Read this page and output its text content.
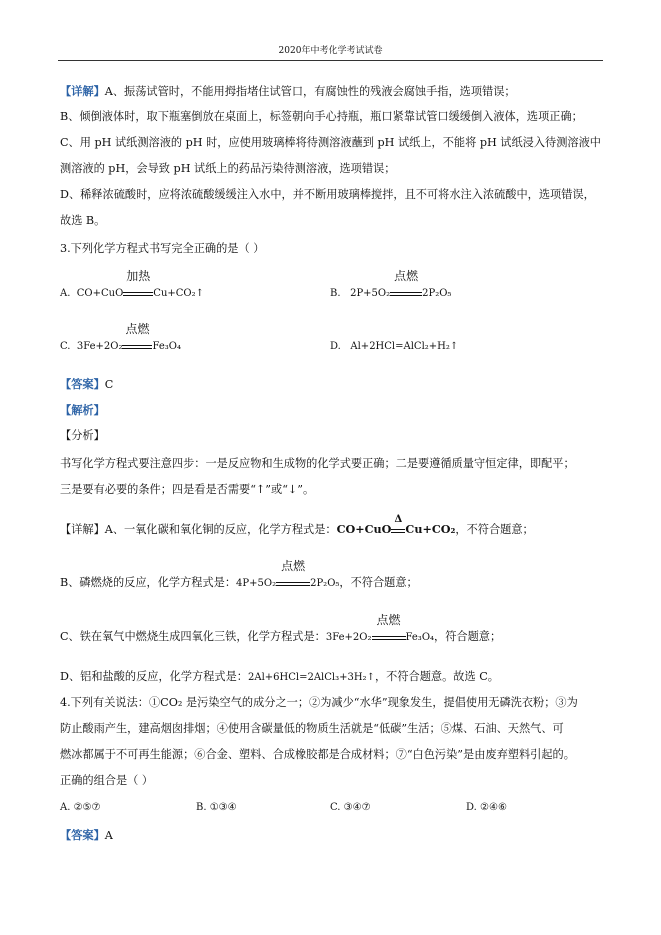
2020年中考化学考试试卷
【详解】A、振荡试管时，不能用拇指堵住试管口，有腐蚀性的残液会腐蚀手指，选项错误；
B、倾倒液体时，取下瓶塞倒放在桌面上，标签朝向手心持瓶，瓶口紧靠试管口缓缓倒入液体，选项正确；
C、用 pH 试纸测溶液的 pH 时，应使用玻璃棒将待测溶液蘸到 pH 试纸上，不能将 pH 试纸浸入待测溶液中
测溶液的 pH，会导致 pH 试纸上的药品污染待测溶液，选项错误；
D、稀释浓硫酸时，应将浓硫酸缓缓注入水中，并不断用玻璃棒搅拌，且不可将水注入浓硫酸中，选项错误，
故选 B。
3.下列化学方程式书写完全正确的是（ ）
A. CO+CuO
加热
Cu+CO₂↑	B. 2P+5O₂
点燃
2P₂O₅
C. 3Fe+2O₂
点燃
Fe₃O₄	D. Al+2HCl=AlCl₂+H₂↑
【答案】C
【解析】
【分析】
书写化学方程式要注意四步：一是反应物和生成物的化学式要正确；二是要遵循质量守恒定律，即配平；
三是要有必要的条件；四是看是否需要“↑”或“↓”。
【详解】A、一氧化碳和氧化铜的反应，化学方程式是：CO+CuO
Δ
Cu+CO₂，不符合题意；
B、磷燃烧的反应，化学方程式是：4P+5O₂
点燃
2P₂O₅，不符合题意；
C、铁在氧气中燃烧生成四氧化三铁，化学方程式是：3Fe+2O₂
点燃
Fe₃O₄，符合题意；
D、铝和盐酸的反应，化学方程式是：2Al+6HCl=2AlCl₃+3H₂↑，不符合题意。故选 C。
4.下列有关说法：①CO₂ 是污染空气的成分之一；②为减少“水华”现象发生，提倡使用无磷洗衣粉；③为
防止酸雨产生，建高烟囱排烟；④使用含碳量低的物质生活就是“低碳”生活；⑤煤、石油、天然气、可
燃冰都属于不可再生能源；⑥合金、塑料、合成橡胶都是合成材料；⑦“白色污染”是由废弃塑料引起的。
正确的组合是（ ）
A. ②⑤⑦	B. ①③④	C. ③④⑦	D. ②④⑥
【答案】A
